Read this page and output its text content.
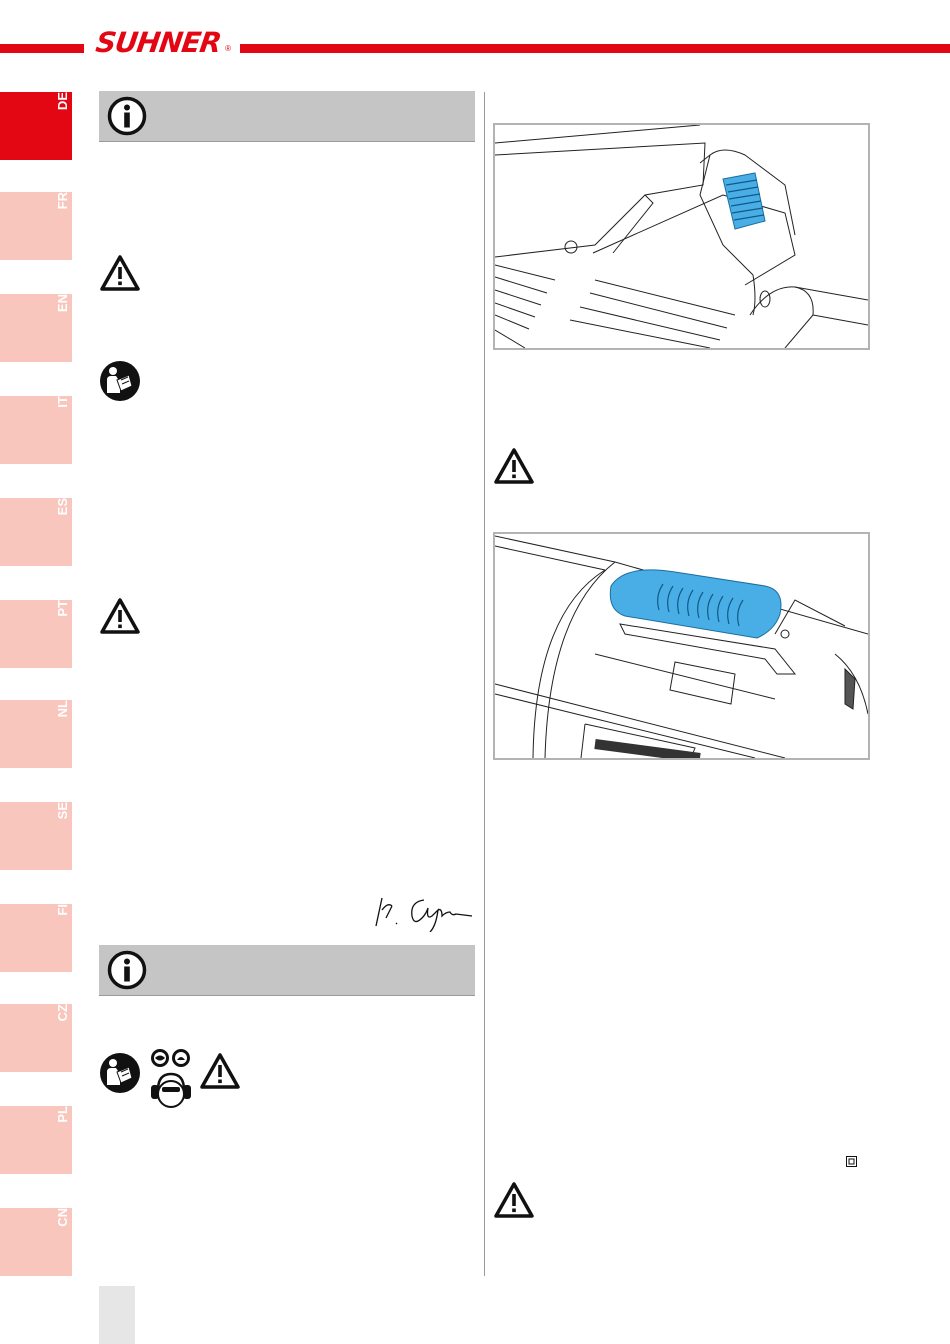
SUHNER ®
DE
FR
EN
IT
ES
PT
NL
SE
FI
CZ
PL
CN
